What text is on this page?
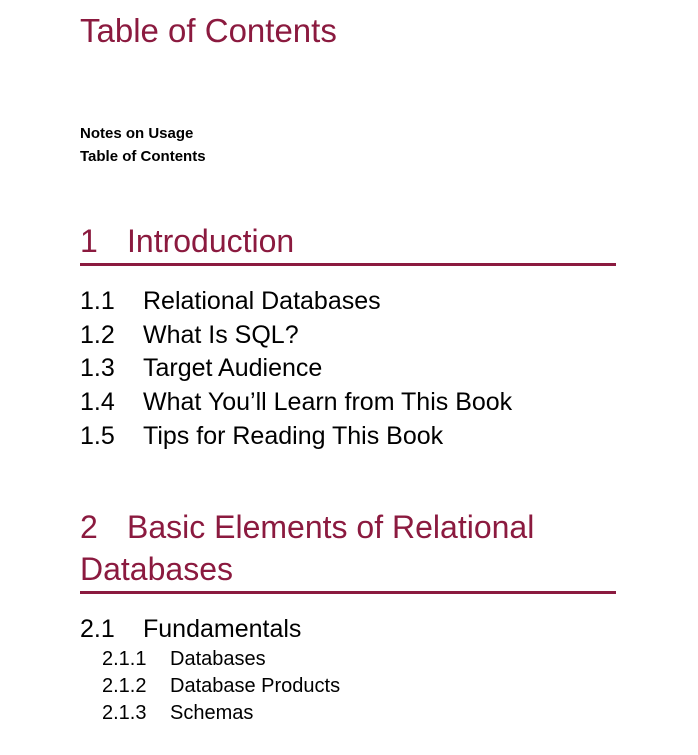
Table of Contents
Notes on Usage
Table of Contents
1 Introduction
1.1 Relational Databases
1.2 What Is SQL?
1.3 Target Audience
1.4 What You’ll Learn from This Book
1.5 Tips for Reading This Book
2 Basic Elements of Relational Databases
2.1 Fundamentals
2.1.1 Databases
2.1.2 Database Products
2.1.3 Schemas
